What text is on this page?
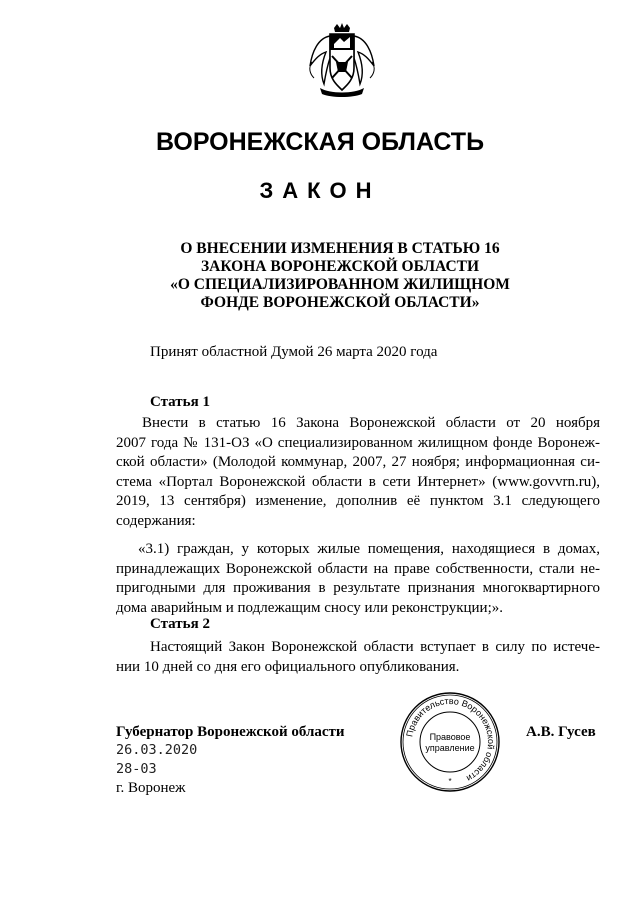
ВОРОНЕЖСКАЯ ОБЛАСТЬ
ЗАКОН
О ВНЕСЕНИИ ИЗМЕНЕНИЯ В СТАТЬЮ 16
ЗАКОНА ВОРОНЕЖСКОЙ ОБЛАСТИ
«О СПЕЦИАЛИЗИРОВАННОМ ЖИЛИЩНОМ
ФОНДЕ ВОРОНЕЖСКОЙ ОБЛАСТИ»
Принят областной Думой 26 марта 2020 года
Статья 1
Внести в статью 16 Закона Воронежской области от 20 ноября
2007 года № 131-ОЗ «О специализированном жилищном фонде Воронеж-
ской области» (Молодой коммунар, 2007, 27 ноября; информационная си-
стема «Портал Воронежской области в сети Интернет» (www.govvrn.ru),
2019, 13 сентября) изменение, дополнив её пунктом 3.1 следующего
содержания:
«3.1) граждан, у которых жилые помещения, находящиеся в домах,
принадлежащих Воронежской области на праве собственности, стали не-
пригодными для проживания в результате признания многоквартирного
дома аварийным и подлежащим сносу или реконструкции;».
Статья 2
Настоящий Закон Воронежской области вступает в силу по истече-
нии 10 дней со дня его официального опубликования.
Губернатор Воронежской области	А.В. Гусев
26.03.2020
28-03
г. Воронеж
Правительство Воронежской области
Правовое
управление
*
